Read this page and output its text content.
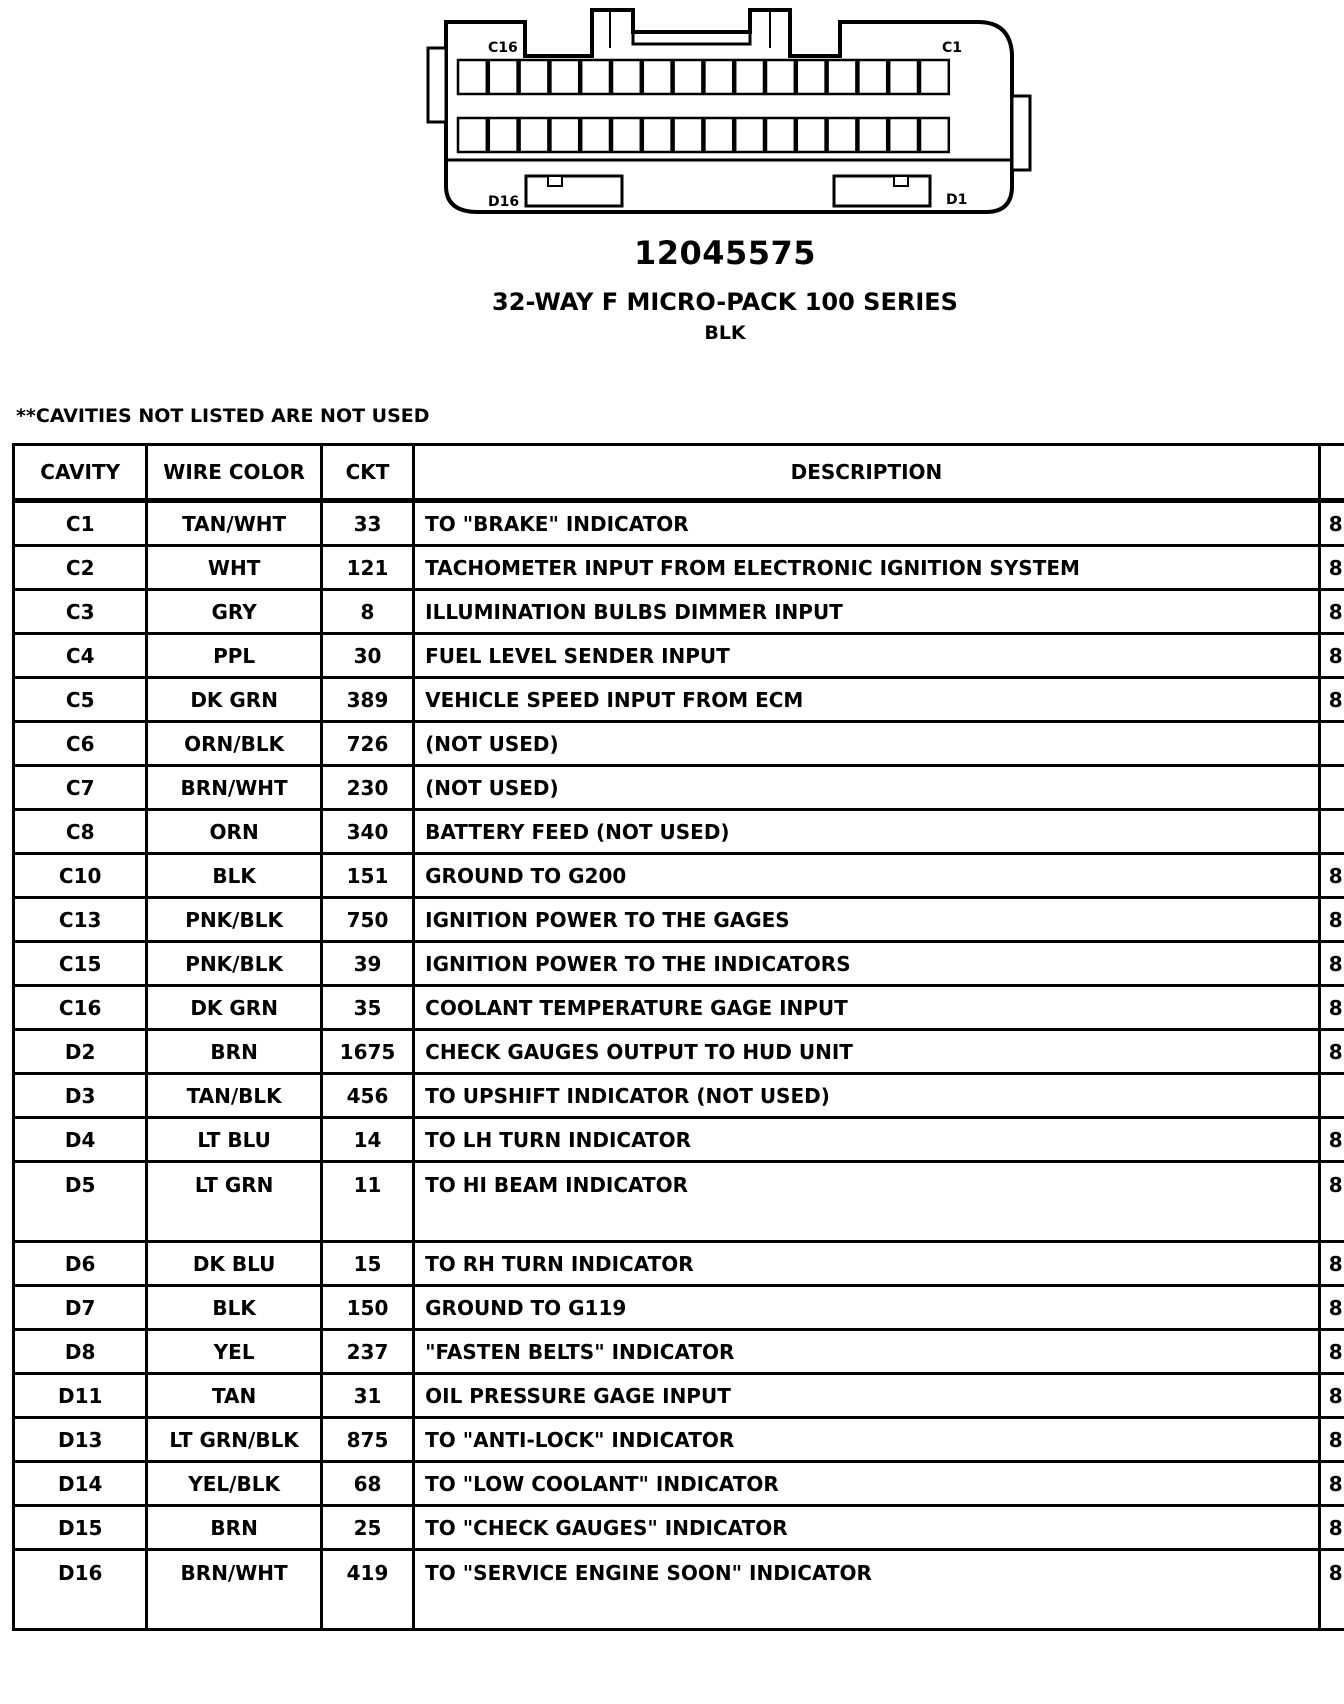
C16	C1
D16	D1
12045575
32-WAY F MICRO-PACK 100 SERIES
BLK
**CAVITIES NOT LISTED ARE NOT USED
CAVITY	WIRE COLOR	CKT	DESCRIPTION	
C1	TAN/WHT	33	TO "BRAKE" INDICATOR	8
C2	WHT	121	TACHOMETER INPUT FROM ELECTRONIC IGNITION SYSTEM	8
C3	GRY	8	ILLUMINATION BULBS DIMMER INPUT	8
C4	PPL	30	FUEL LEVEL SENDER INPUT	8
C5	DK GRN	389	VEHICLE SPEED INPUT FROM ECM	8
C6	ORN/BLK	726	(NOT USED)	
C7	BRN/WHT	230	(NOT USED)	
C8	ORN	340	BATTERY FEED (NOT USED)	
C10	BLK	151	GROUND TO G200	8
C13	PNK/BLK	750	IGNITION POWER TO THE GAGES	8
C15	PNK/BLK	39	IGNITION POWER TO THE INDICATORS	8
C16	DK GRN	35	COOLANT TEMPERATURE GAGE INPUT	8
D2	BRN	1675	CHECK GAUGES OUTPUT TO HUD UNIT	8
D3	TAN/BLK	456	TO UPSHIFT INDICATOR (NOT USED)	
D4	LT BLU	14	TO LH TURN INDICATOR	8
D5	LT GRN	11	TO HI BEAM INDICATOR	8
D6	DK BLU	15	TO RH TURN INDICATOR	8
D7	BLK	150	GROUND TO G119	8
D8	YEL	237	"FASTEN BELTS" INDICATOR	8
D11	TAN	31	OIL PRESSURE GAGE INPUT	8
D13	LT GRN/BLK	875	TO "ANTI-LOCK" INDICATOR	8
D14	YEL/BLK	68	TO "LOW COOLANT" INDICATOR	8
D15	BRN	25	TO "CHECK GAUGES" INDICATOR	8
D16	BRN/WHT	419	TO "SERVICE ENGINE SOON" INDICATOR	8
